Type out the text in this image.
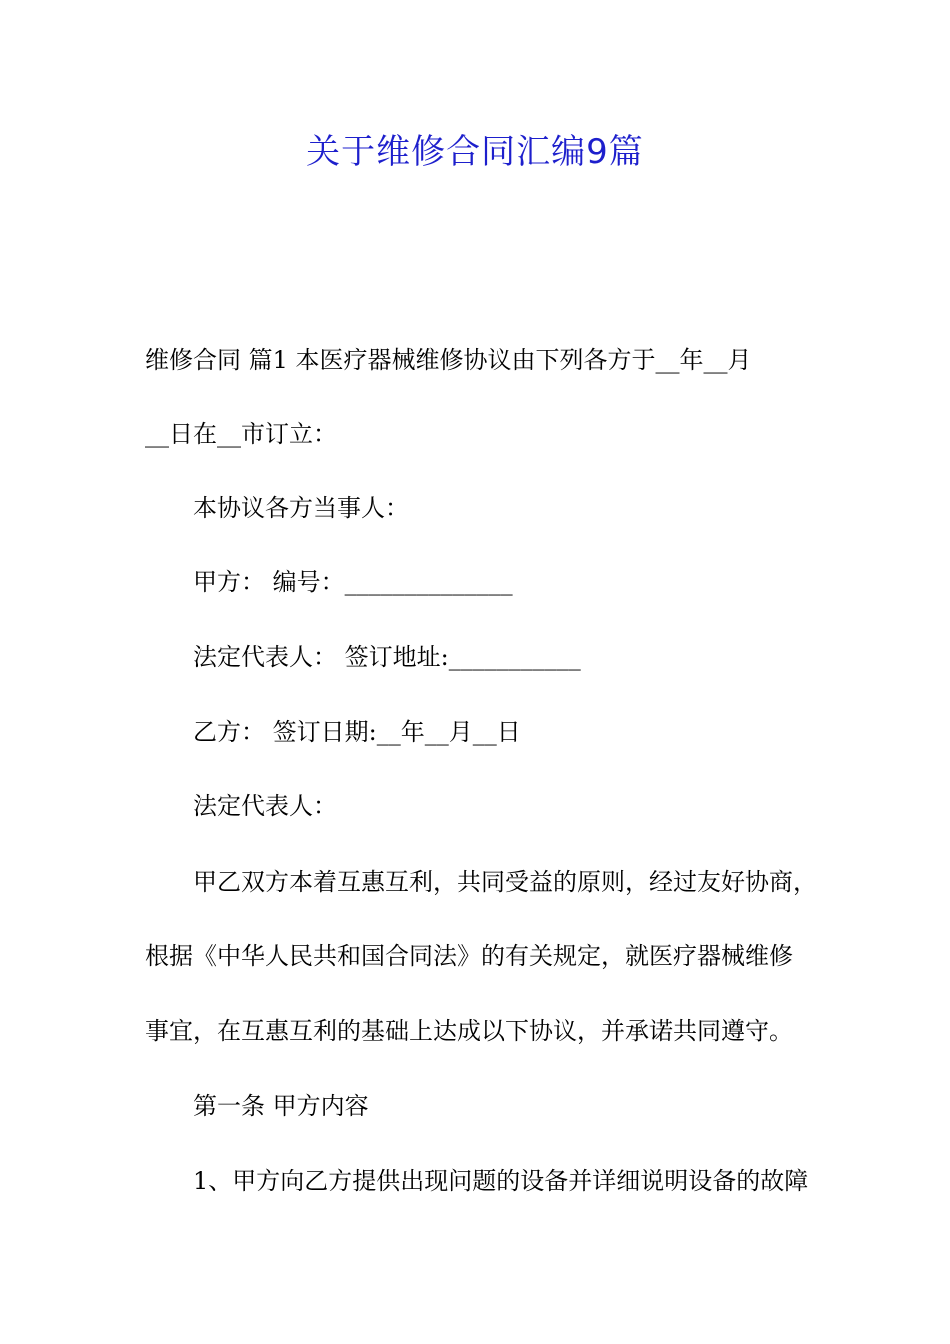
关于维修合同汇编9篇
维修合同 篇1 本医疗器械维修协议由下列各方于__年__月
__日在__市订立：
本协议各方当事人：
甲方： 编号：______________
法定代表人： 签订地址:___________
乙方： 签订日期:__年__月__日
法定代表人：
甲乙双方本着互惠互利，共同受益的原则，经过友好协商，
根据《中华人民共和国合同法》的有关规定，就医疗器械维修
事宜，在互惠互利的基础上达成以下协议，并承诺共同遵守。
第一条 甲方内容
1、甲方向乙方提供出现问题的设备并详细说明设备的故障
